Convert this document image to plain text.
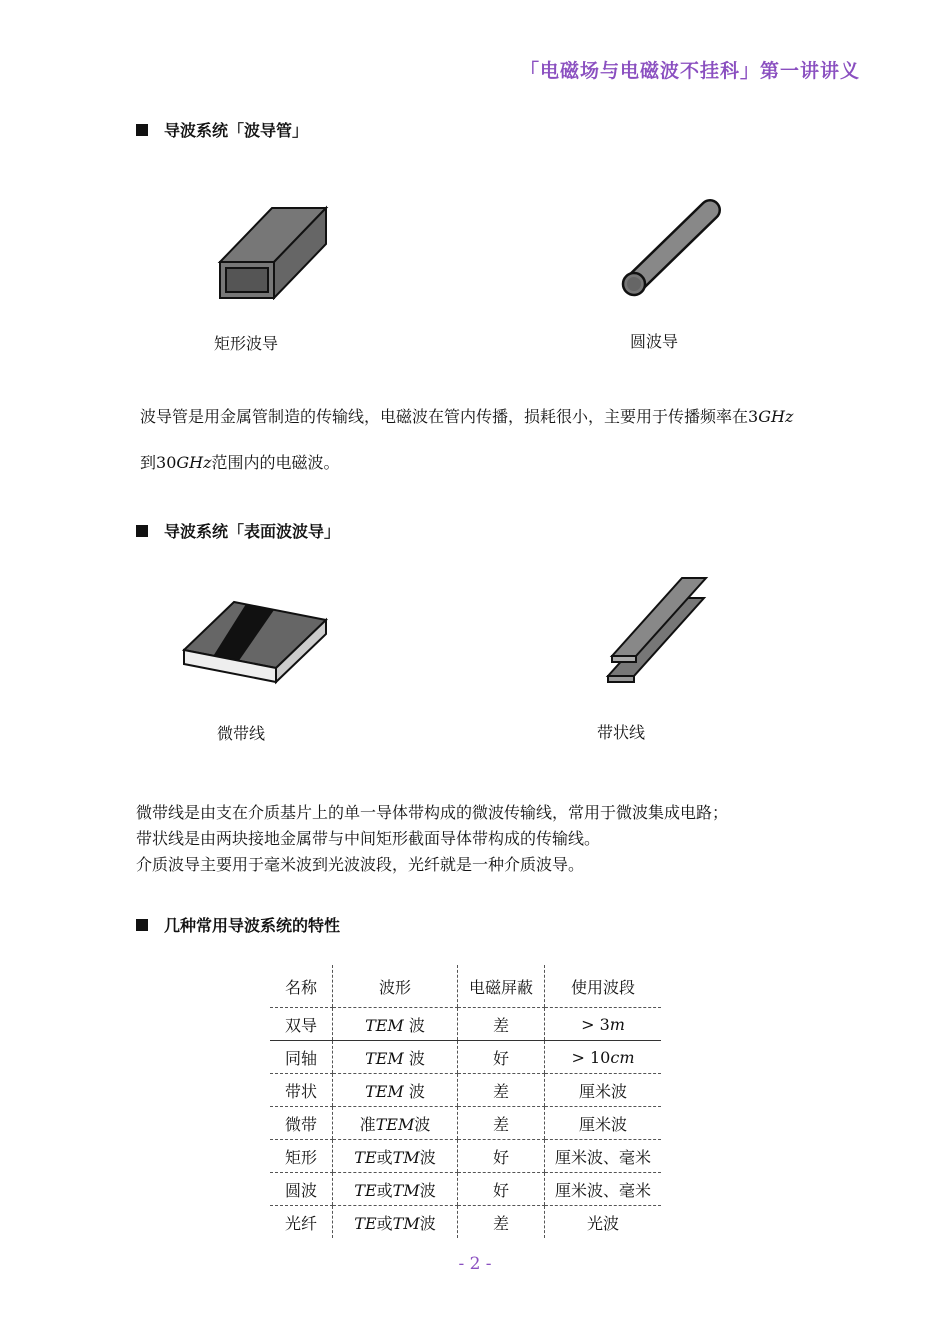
「电磁场与电磁波不挂科」第一讲讲义
导波系统「波导管」
矩形波导	圆波导
波导管是用金属管制造的传输线，电磁波在管内传播，损耗很小，主要用于传播频率在3GHz
到30GHz范围内的电磁波。
导波系统「表面波波导」
微带线	带状线
微带线是由支在介质基片上的单一导体带构成的微波传输线，常用于微波集成电路；
带状线是由两块接地金属带与中间矩形截面导体带构成的传输线。
介质波导主要用于毫米波到光波波段，光纤就是一种介质波导。
几种常用导波系统的特性
名称	波形	电磁屏蔽	使用波段
双导	TEM 波	差	> 3m
同轴	TEM 波	好	> 10cm
带状	TEM 波	差	厘米波
微带	准TEM波	差	厘米波
矩形	TE或TM波	好	厘米波、毫米
圆波	TE或TM波	好	厘米波、毫米
光纤	TE或TM波	差	光波
- 2 -
